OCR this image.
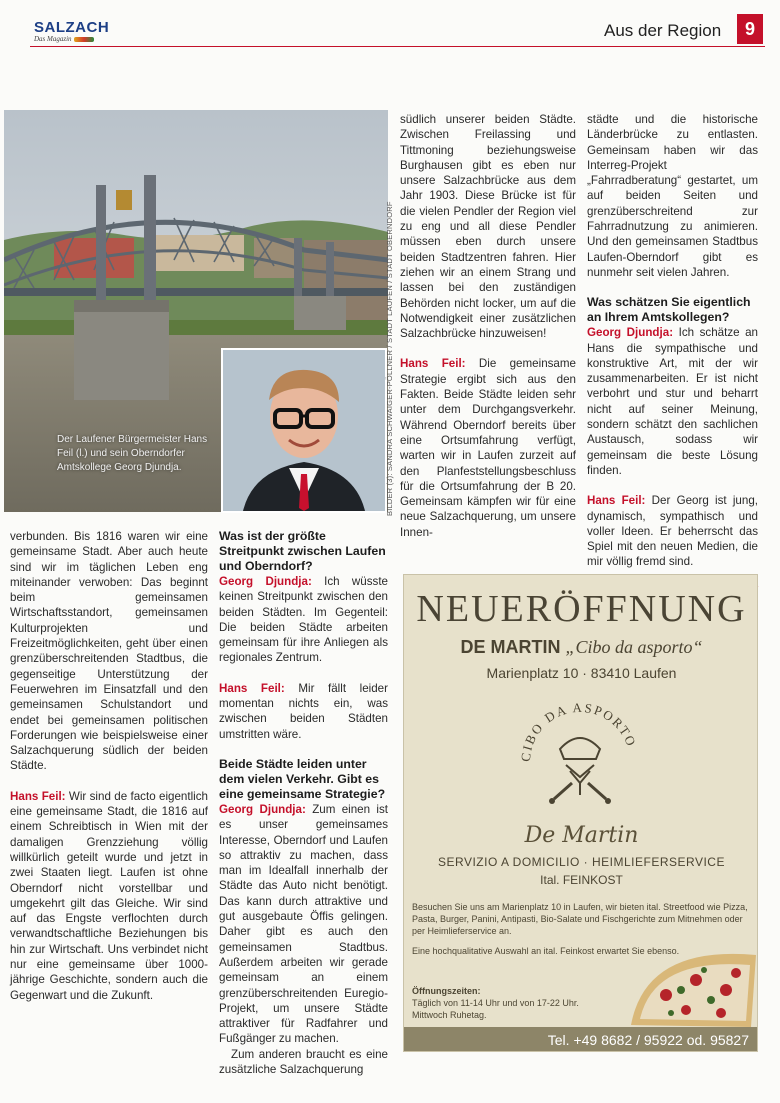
SALZACH
Das Magazin	Aus der Region	9
Der Laufener Bürgermeister Hans Feil (l.) und sein Oberndorfer Amtskollege Georg Djundja.	BILDER (3): SANDRA SCHWAIGER-PÖLLNER / STADT LAUFEN / STADT OBERNDORF

verbunden. Bis 1816 waren wir eine gemeinsame Stadt. Aber auch heute sind wir im täglichen Leben eng miteinander verwoben: Das beginnt beim gemeinsamen Wirtschaftsstandort, gemeinsamen Kulturprojekten und Freizeitmöglichkeiten, geht über einen grenzüberschreitenden Stadtbus, die gegenseitige Unterstützung der Feuerwehren im Einsatzfall und den gemeinsamen Schulstandort und endet bei gemeinsamen politischen Forderungen wie beispielsweise einer Salzachquerung südlich der beiden Städte.

Hans Feil: Wir sind de facto eigentlich eine gemeinsame Stadt, die 1816 auf einem Schreibtisch in Wien mit der damaligen Grenzziehung völlig willkürlich geteilt wurde und jetzt in zwei Staaten liegt. Laufen ist ohne Oberndorf nicht vorstellbar und umgekehrt gilt das Gleiche. Wir sind auf das Engste verflochten durch verwandtschaftliche Beziehungen bis hin zur Wirtschaft. Uns verbindet nicht nur eine gemeinsame über 1000-jährige Geschichte, sondern auch die Gegenwart und die Zukunft.

Was ist der größte Streitpunkt zwischen Laufen und Oberndorf?

Georg Djundja: Ich wüsste keinen Streitpunkt zwischen den beiden Städten. Im Gegenteil: Die beiden Städte arbeiten gemeinsam für ihre Anliegen als regionales Zentrum.

Hans Feil: Mir fällt leider momentan nichts ein, was zwischen beiden Städten umstritten wäre.

Beide Städte leiden unter dem vielen Verkehr. Gibt es eine gemeinsame Strategie?

Georg Djundja: Zum einen ist es unser gemeinsames Interesse, Oberndorf und Laufen so attraktiv zu machen, dass man im Idealfall innerhalb der Städte das Auto nicht benötigt. Das kann durch attraktive und gut ausgebaute Öffis gelingen. Daher gibt es auch den gemeinsamen Stadtbus. Außerdem arbeiten wir gerade gemeinsam an einem grenzüberschreitenden Euregio-Projekt, um unsere Städte attraktiver für Radfahrer und Fußgänger zu machen.

Zum anderen braucht es eine zusätzliche Salzachquerung

südlich unserer beiden Städte. Zwischen Freilassing und Tittmoning beziehungsweise Burghausen gibt es eben nur unsere Salzachbrücke aus dem Jahr 1903. Diese Brücke ist für die vielen Pendler der Region viel zu eng und all diese Pendler müssen eben durch unsere beiden Stadtzentren fahren. Hier ziehen wir an einem Strang und lassen bei den zuständigen Behörden nicht locker, um auf die Notwendigkeit einer zusätzlichen Salzachbrücke hinzuweisen!

Hans Feil: Die gemeinsame Strategie ergibt sich aus den Fakten. Beide Städte leiden sehr unter dem Durchgangsverkehr. Während Oberndorf bereits über eine Ortsumfahrung verfügt, warten wir in Laufen zurzeit auf den Planfeststellungsbeschluss für die Ortsumfahrung der B 20. Gemeinsam kämpfen wir für eine neue Salzachquerung, um unsere Innen-

städte und die historische Länderbrücke zu entlasten. Gemeinsam haben wir das Interreg-Projekt „Fahrradberatung“ gestartet, um auf beiden Seiten und grenzüberschreitend zur Fahrradnutzung zu animieren. Und den gemeinsamen Stadtbus Laufen-Oberndorf gibt es nunmehr seit vielen Jahren.

Was schätzen Sie eigentlich an Ihrem Amtskollegen?

Georg Djundja: Ich schätze an Hans die sympathische und konstruktive Art, mit der wir zusammenarbeiten. Er ist nicht verbohrt und stur und beharrt nicht auf seiner Meinung, sondern schätzt den sachlichen Austausch, sodass wir gemeinsam die beste Lösung finden.

Hans Feil: Der Georg ist jung, dynamisch, sympathisch und voller Ideen. Er beherrscht das Spiel mit den neuen Medien, die mir völlig fremd sind.

NEUERÖFFNUNG
DE MARTIN „Cibo da asporto“
Marienplatz 10 · 83410 Laufen
CIBO DA ASPORTO
De Martin
SERVIZIO A DOMICILIO · HEIMLIEFERSERVICE
Ital. FEINKOST

Besuchen Sie uns am Marienplatz 10 in Laufen, wir bieten ital. Streetfood wie Pizza, Pasta, Burger, Panini, Antipasti, Bio-Salate und Fischgerichte zum Mitnehmen oder per Heimlieferservice an.

Eine hochqualitative Auswahl an ital. Feinkost erwartet Sie ebenso.

Öffnungszeiten:
Täglich von 11-14 Uhr und von 17-22 Uhr.
Mittwoch Ruhetag.
Tel. +49 8682 / 95922 od. 95827
